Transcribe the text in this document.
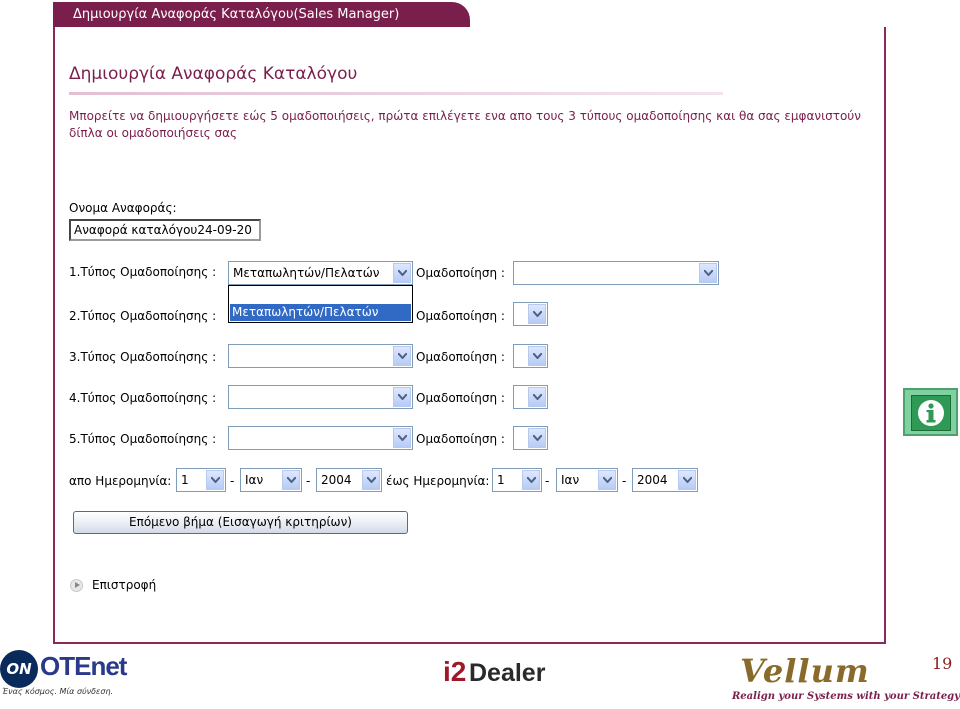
Δημιουργία Αναφοράς Καταλόγου(Sales Manager)
Δημιουργία Αναφοράς Καταλόγου
Μπορείτε να δημιουργήσετε εώς 5 ομαδοποιήσεις, πρώτα επιλέγετε ενα απο τους 3 τύπους ομαδοποίησης και θα σας εμφανιστούν δίπλα οι ομαδοποιήσεις σας
Ονομα Αναφοράς:
Αναφορά καταλόγου24-09-20
1.Τύπος Ομαδοποίησης : Μεταπωλητών/Πελατών	Ομαδοποίηση :
Μεταπωλητών/Πελατών
2.Τύπος Ομαδοποίησης :	Ομαδοποίηση :
3.Τύπος Ομαδοποίησης :	Ομαδοποίηση :
4.Τύπος Ομαδοποίησης :	Ομαδοποίηση :
5.Τύπος Ομαδοποίησης :	Ομαδοποίηση :
απο Ημερομηνία: 1	- Ιαν	- 2004	έως Ημερομηνία: 1	- Ιαν	- 2004
Επόμενο βήμα (Εισαγωγή κριτηρίων)
Επιστροφή
ON OTEnet
Ένας κόσμος. Μία σύνδεση.
i2 Dealer	Vellum
Realign your Systems with your Strategy
19
